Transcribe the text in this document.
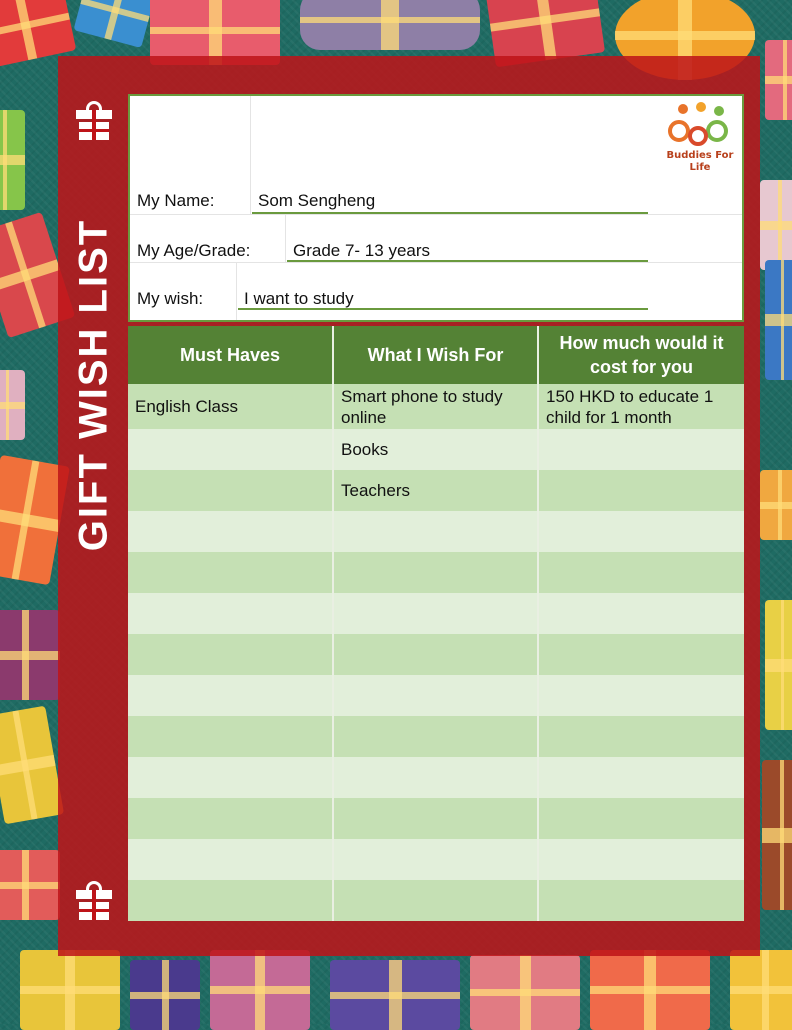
GIFT WISH LIST
Buddies For Life
My Name:	Som Sengheng
My Age/Grade:	Grade 7- 13 years
My wish: I want to study
Must Haves	What I Wish For	How much would it cost for you
English Class	Smart phone to study online	150 HKD to educate 1 child for 1 month
	Books	
	Teachers	
